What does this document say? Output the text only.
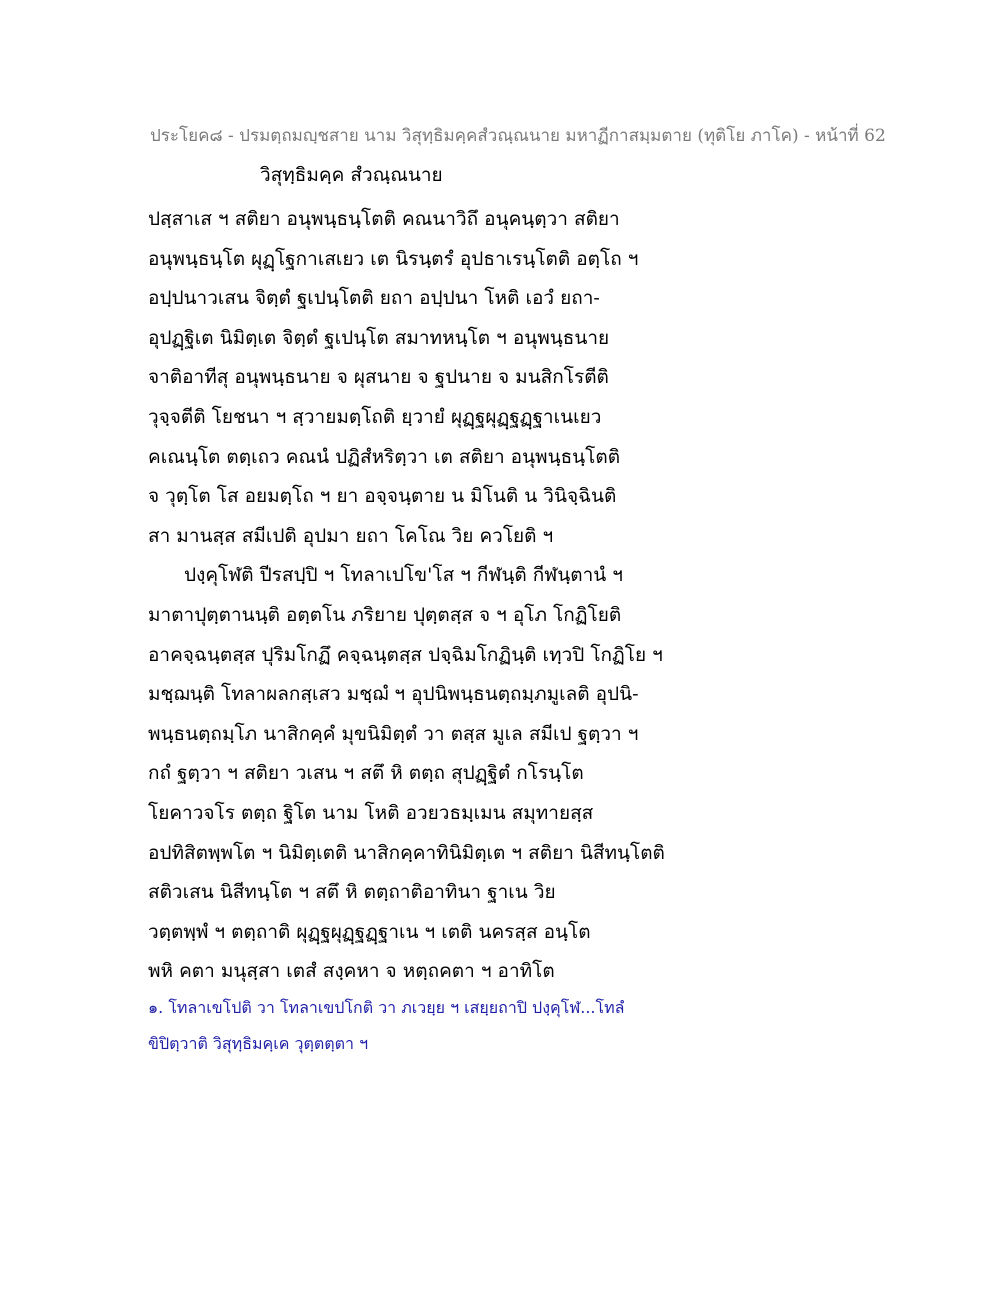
ประโยค๘ - ปรมตฺถมญฺชสาย นาม วิสุทฺธิมคฺคสํวณฺณนาย มหาฏีกาสมฺมตาย (ทุติโย ภาโค) - หน้าที่ 62
วิสุทฺธิมคฺค สํวณฺณนาย
ปสฺสาเส ฯ สติยา อนุพนฺธนฺโตติ คณนาวิถึ อนุคนฺตฺวา สติยา
อนุพนฺธนฺโต ผุฏฺโฐกาเสเยว เต นิรนฺตรํ อุปธาเรนฺโตติ อตฺโถ ฯ
อปฺปนาวเสน จิตฺตํ ฐเปนฺโตติ ยถา อปฺปนา โหติ เอวํ ยถา-
อุปฏฺฐิเต นิมิตฺเต จิตฺตํ ฐเปนฺโต สมาทหนฺโต ฯ อนุพนฺธนาย
จาติอาทีสุ อนุพนฺธนาย จ ผุสนาย จ ฐปนาย จ มนสิกโรตีติ
วุจฺจตีติ โยชนา ฯ สฺวายมตฺโถติ ยฺวายํ ผุฏฺฐผุฏฺฐฏฺฐาเนเยว
คเณนฺโต ตตฺเถว คณนํ ปฏิสํหริตฺวา เต สติยา อนุพนฺธนฺโตติ
จ วุตฺโต โส อยมตฺโถ ฯ ยา อจฺจนฺตาย น มิโนติ น วินิจฺฉินติ
สา มานสฺส สมีเปติ อุปมา ยถา โคโณ วิย ควโยติ ฯ
ปงฺคุโฬติ ปีรสปฺปิ ฯ โทลาเปโข'โส ฯ กีฬนฺติ กีฬนฺตานํ ฯ
มาตาปุตฺตานนฺติ อตฺตโน ภริยาย ปุตฺตสฺส จ ฯ อุโภ โกฏิโยติ
อาคจฺฉนฺตสฺส ปุริมโกฏึ คจฺฉนฺตสฺส ปจฺฉิมโกฏินฺติ เทฺวปิ โกฏิโย ฯ
มชฺฌนฺติ โทลาผลกสฺเสว มชฺฌํ ฯ อุปนิพนฺธนตฺถมฺภมูเลติ อุปนิ-
พนฺธนตฺถมฺโภ นาสิกคฺคํ มุขนิมิตฺตํ วา ตสฺส มูเล สมีเป ฐตฺวา ฯ
กถํ ฐตฺวา ฯ สติยา วเสน ฯ สตึ หิ ตตฺถ สุปฏฺฐิตํ กโรนฺโต
โยคาวจโร ตตฺถ ฐิโต นาม โหติ อวยวธมฺเมน สมุทายสฺส
อปทิสิตพฺพโต ฯ นิมิตฺเตติ นาสิกคฺคาทินิมิตฺเต ฯ สติยา นิสีทนฺโตติ
สติวเสน นิสีทนฺโต ฯ สตึ หิ ตตฺถาติอาทินา ฐาเน วิย
วตฺตพฺพํ ฯ ตตฺถาติ ผุฏฺฐผุฏฺฐฏฺฐาเน ฯ เตติ นครสฺส อนฺโต
พหิ คตา มนุสฺสา เตสํ สงฺคหา จ หตฺถคตา ฯ อาทิโต
๑. โทลาเขโปติ วา โทลาเขปโกติ วา ภเวยฺย ฯ เสยฺยถาปิ ปงฺคุโฬ...โทลํ
ขิปิตฺวาติ วิสุทฺธิมคฺเค วุตฺตตฺตา ฯ
